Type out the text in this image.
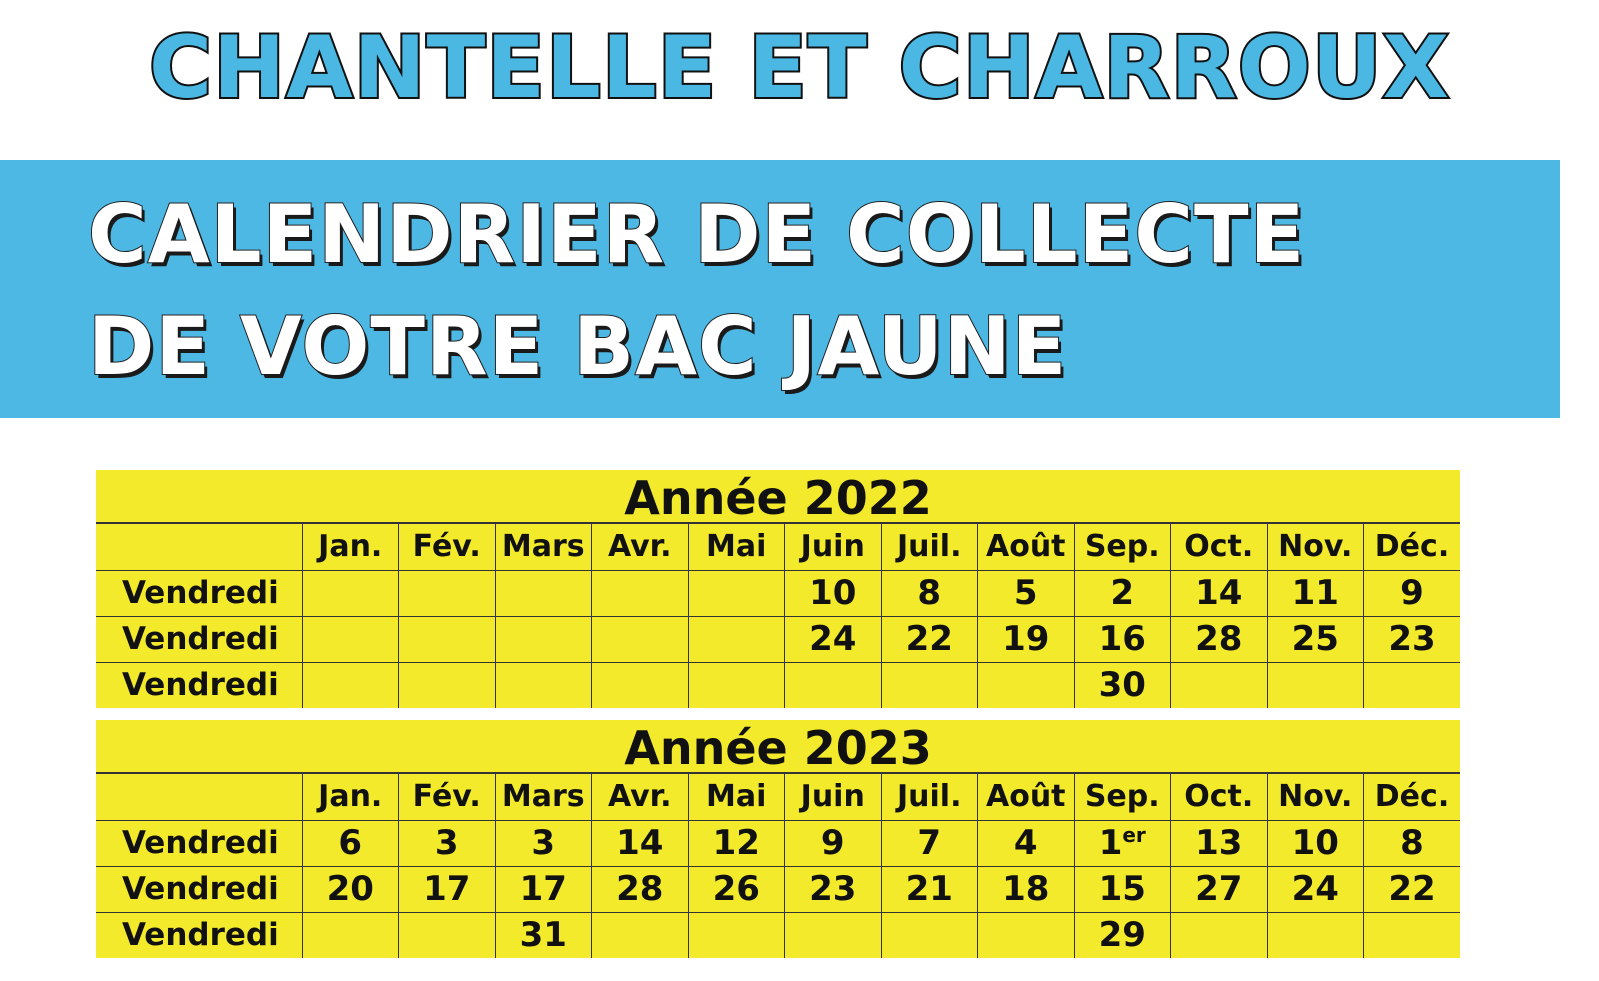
CHANTELLE ET CHARROUX
CALENDRIER DE COLLECTE
DE VOTRE BAC JAUNE
Année 2022
	Jan.	Fév.	Mars	Avr.	Mai	Juin	Juil.	Août	Sep.	Oct.	Nov.	Déc.
Vendredi						10	8	5	2	14	11	9
Vendredi						24	22	19	16	28	25	23
Vendredi									30			
Année 2023
	Jan.	Fév.	Mars	Avr.	Mai	Juin	Juil.	Août	Sep.	Oct.	Nov.	Déc.
Vendredi	6	3	3	14	12	9	7	4	1er	13	10	8
Vendredi	20	17	17	28	26	23	21	18	15	27	24	22
Vendredi			31						29			
